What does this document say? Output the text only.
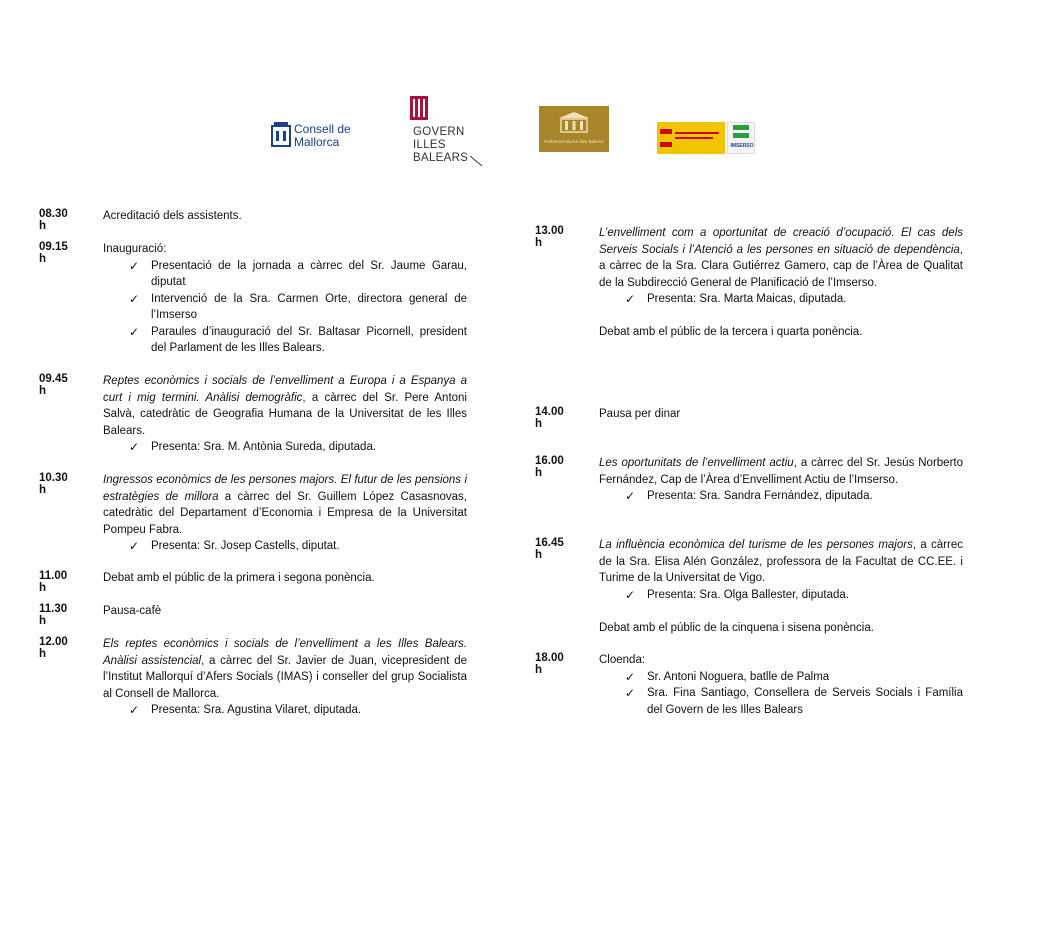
Consell de
Mallorca
GOVERN
ILLES
BALEARS
Parlament de les Illes Balears
IMSERSO
08.30 h

Acreditació dels assistents.

09.15 h

Inauguració:

✓ Presentació de la jornada a càrrec del Sr. Jaume Garau, diputat

✓ Intervenció de la Sra. Carmen Orte, directora general de l’Imserso

✓ Paraules d’inauguració del Sr. Baltasar Picornell, president del Parlament de les Illes Balears.

09.45 h

Reptes econòmics i socials de l’envelliment a Europa i a Espanya a curt i mig termini. Anàlisi demogràfic, a càrrec del Sr. Pere Antoni Salvà, catedràtic de Geografia Humana de la Universitat de les Illes Balears.

✓ Presenta: Sra. M. Antònia Sureda, diputada.

10.30 h

Ingressos econòmics de les persones majors. El futur de les pensions i estratègies de millora a càrrec del Sr. Guillem López Casasnovas, catedràtic del Departament d’Economia i Empresa de la Universitat Pompeu Fabra.

✓ Presenta: Sr. Josep Castells, diputat.

11.00 h

Debat amb el públic de la primera i segona ponència.

11.30 h

Pausa-cafè

12.00 h

Els reptes econòmics i socials de l’envelliment a les Illes Balears. Anàlisi assistencial, a càrrec del Sr. Javier de Juan, vicepresident de l’Institut Mallorquí d’Afers Socials (IMAS) i conseller del grup Socialista al Consell de Mallorca.

✓ Presenta: Sra. Agustina Vilaret, diputada.

13.00 h

L’envelliment com a oportunitat de creació d’ocupació. El cas dels Serveis Socials i l’Atenció a les persones en situació de dependència, a càrrec de la Sra. Clara Gutiérrez Gamero, cap de l’Àrea de Qualitat de la Subdirecció General de Planificació de l’Imserso.

✓ Presenta: Sra. Marta Maicas, diputada.

Debat amb el públic de la tercera i quarta ponència.

14.00 h

Pausa per dinar

16.00 h

Les oportunitats de l’envelliment actiu, a càrrec del Sr. Jesús Norberto Fernández, Cap de l’Àrea d’Envelliment Actiu de l’Imserso.

✓ Presenta: Sra. Sandra Fernández, diputada.

16.45 h

La influència econòmica del turisme de les persones majors, a càrrec de la Sra. Elisa Alén González, professora de la Facultat de CC.EE. i Turime de la Universitat de Vigo.

✓ Presenta: Sra. Olga Ballester, diputada.

Debat amb el públic de la cinquena i sisena ponència.

18.00 h

Cloenda:

✓ Sr. Antoni Noguera, batlle de Palma

✓ Sra. Fina Santiago, Consellera de Serveis Socials i Família del Govern de les Illes Balears
